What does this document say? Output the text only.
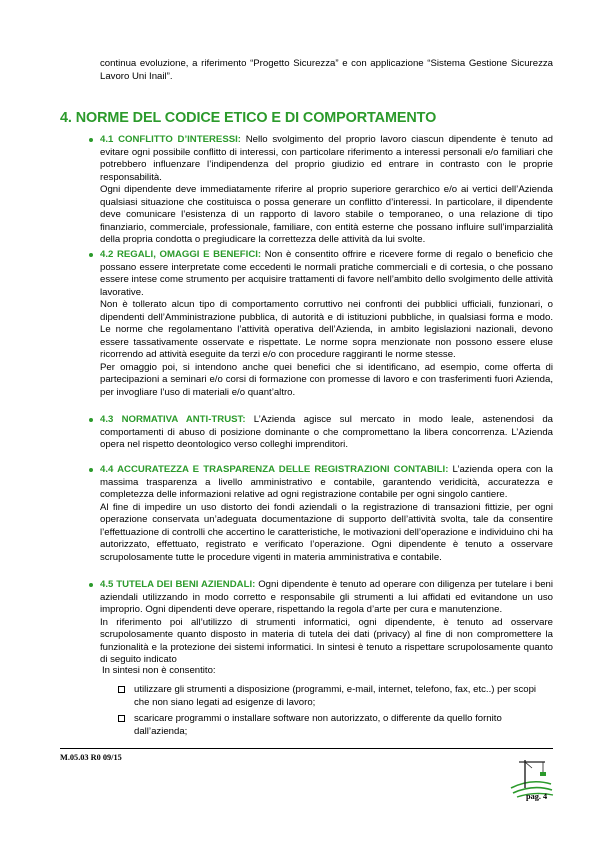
continua evoluzione, a riferimento “Progetto Sicurezza” e con applicazione “Sistema Gestione Sicurezza Lavoro Uni Inail”.

4. NORME DEL CODICE ETICO E DI COMPORTAMENTO

4.1 CONFLITTO D’INTERESSI: Nello svolgimento del proprio lavoro ciascun dipendente è tenuto ad evitare ogni possibile conflitto di interessi, con particolare riferimento a interessi personali e/o familiari che potrebbero influenzare l’indipendenza del proprio giudizio ed entrare in contrasto con le proprie responsabilità.

Ogni dipendente deve immediatamente riferire al proprio superiore gerarchico e/o ai vertici dell’Azienda qualsiasi situazione che costituisca o possa generare un conflitto d’interessi. In particolare, il dipendente deve comunicare l’esistenza di un rapporto di lavoro stabile o temporaneo, o una relazione di tipo finanziario, commerciale, professionale, familiare, con entità esterne che possano influire sull’imparzialità della propria condotta o pregiudicare la correttezza delle attività da lui svolte.

4.2 REGALI, OMAGGI E BENEFICI: Non è consentito offrire e ricevere forme di regalo o beneficio che possano essere interpretate come eccedenti le normali pratiche commerciali e di cortesia, o che possano essere intese come strumento per acquisire trattamenti di favore nell’ambito dello svolgimento delle attività lavorative.

Non è tollerato alcun tipo di comportamento corruttivo nei confronti dei pubblici ufficiali, funzionari, o dipendenti dell’Amministrazione pubblica, di autorità e di istituzioni pubbliche, in qualsiasi forma e modo. Le norme che regolamentano l’attività operativa dell’Azienda, in ambito legislazioni nazionali, devono essere tassativamente osservate e rispettate. Le norme sopra menzionate non possono essere eluse ricorrendo ad attività eseguite da terzi e/o con procedure raggiranti le norme stesse.

Per omaggio poi, si intendono anche quei benefici che si identificano, ad esempio, come offerta di partecipazioni a seminari e/o corsi di formazione con promesse di lavoro e con trasferimenti fuori Azienda, per invogliare l’uso di materiali e/o quant’altro.

4.3 NORMATIVA ANTI-TRUST: L’Azienda agisce sul mercato in modo leale, astenendosi da comportamenti di abuso di posizione dominante o che compromettano la libera concorrenza. L’Azienda opera nel rispetto deontologico verso colleghi imprenditori.

4.4 ACCURATEZZA E TRASPARENZA DELLE REGISTRAZIONI CONTABILI: L’azienda opera con la massima trasparenza a livello amministrativo e contabile, garantendo veridicità, accuratezza e completezza delle informazioni relative ad ogni registrazione contabile per ogni singolo cantiere.

Al fine di impedire un uso distorto dei fondi aziendali o la registrazione di transazioni fittizie, per ogni operazione conservata un’adeguata documentazione di supporto dell’attività svolta, tale da consentire l’effettuazione di controlli che accertino le caratteristiche, le motivazioni dell’operazione e individuino chi ha autorizzato, effettuato, registrato e verificato l’operazione. Ogni dipendente è tenuto a osservare scrupolosamente tutte le procedure vigenti in materia amministrativa e contabile.

4.5 TUTELA DEI BENI AZIENDALI: Ogni dipendente è tenuto ad operare con diligenza per tutelare i beni aziendali utilizzando in modo corretto e responsabile gli strumenti a lui affidati ed evitandone un uso improprio. Ogni dipendenti deve operare, rispettando la regola d’arte per cura e manutenzione.

In riferimento poi all’utilizzo di strumenti informatici, ogni dipendente, è tenuto ad osservare scrupolosamente quanto disposto in materia di tutela dei dati (privacy) al fine di non compromettere la funzionalità e la protezione dei sistemi informatici. In sintesi è tenuto a rispettare scrupolosamente quanto di seguito indicato

In sintesi non è consentito:

utilizzare gli strumenti a disposizione (programmi, e-mail, internet, telefono, fax, etc..) per scopi che non siano legati ad esigenze di lavoro;
scaricare programmi o installare software non autorizzato, o differente da quello fornito dall’azienda;
M.05.03 R0 09/15
pag. 4
